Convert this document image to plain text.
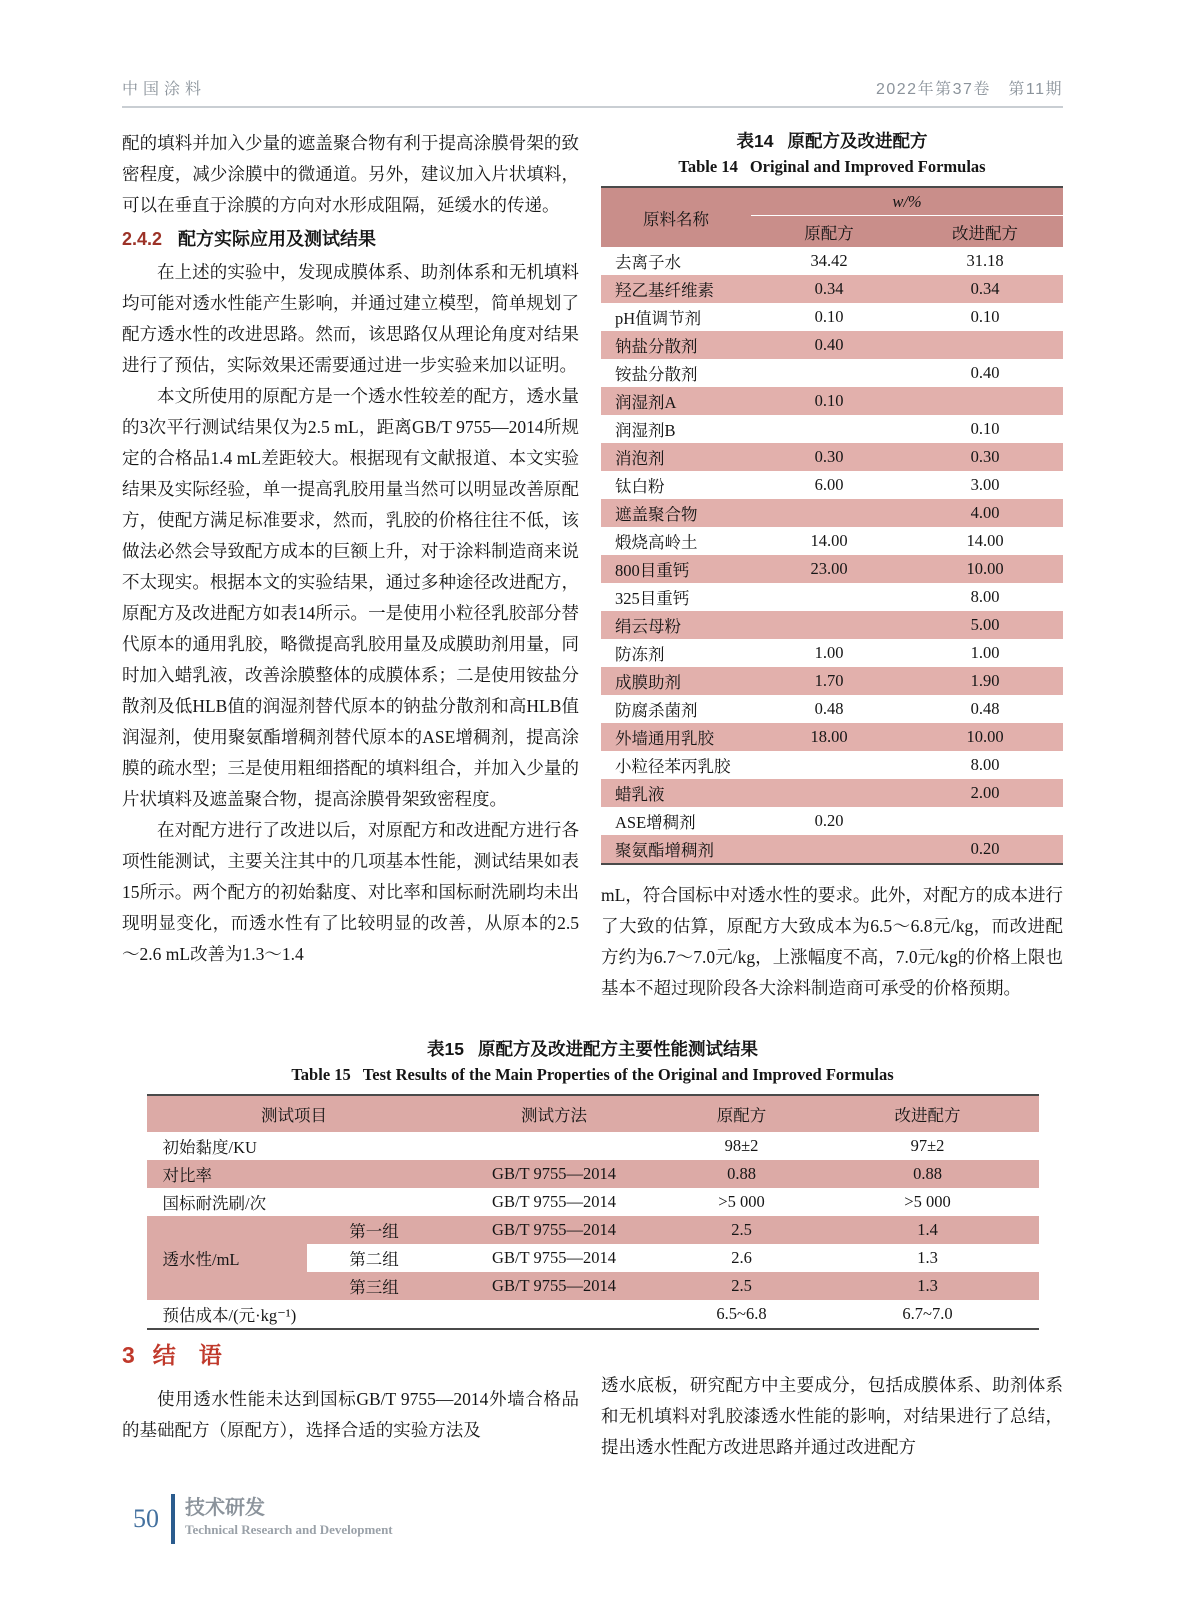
中国涂料	2022年第37卷　第11期

配的填料并加入少量的遮盖聚合物有利于提高涂膜骨架的致密程度，减少涂膜中的微通道。另外，建议加入片状填料，可以在垂直于涂膜的方向对水形成阻隔，延缓水的传递。

2.4.2 配方实际应用及测试结果

在上述的实验中，发现成膜体系、助剂体系和无机填料均可能对透水性能产生影响，并通过建立模型，简单规划了配方透水性的改进思路。然而，该思路仅从理论角度对结果进行了预估，实际效果还需要通过进一步实验来加以证明。

本文所使用的原配方是一个透水性较差的配方，透水量的3次平行测试结果仅为2.5 mL，距离GB/T 9755—2014所规定的合格品1.4 mL差距较大。根据现有文献报道、本文实验结果及实际经验，单一提高乳胶用量当然可以明显改善原配方，使配方满足标准要求，然而，乳胶的价格往往不低，该做法必然会导致配方成本的巨额上升，对于涂料制造商来说不太现实。根据本文的实验结果，通过多种途径改进配方，原配方及改进配方如表14所示。一是使用小粒径乳胶部分替代原本的通用乳胶，略微提高乳胶用量及成膜助剂用量，同时加入蜡乳液，改善涂膜整体的成膜体系；二是使用铵盐分散剂及低HLB值的润湿剂替代原本的钠盐分散剂和高HLB值润湿剂，使用聚氨酯增稠剂替代原本的ASE增稠剂，提高涂膜的疏水型；三是使用粗细搭配的填料组合，并加入少量的片状填料及遮盖聚合物，提高涂膜骨架致密程度。

在对配方进行了改进以后，对原配方和改进配方进行各项性能测试，主要关注其中的几项基本性能，测试结果如表15所示。两个配方的初始黏度、对比率和国标耐洗刷均未出现明显变化，而透水性有了比较明显的改善，从原本的2.5～2.6 mL改善为1.3～1.4

表14 原配方及改进配方
Table 14 Original and Improved Formulas
原料名称	w/%	
	原配方	改进配方
去离子水	34.42	31.18
羟乙基纤维素	0.34	0.34
pH值调节剂	0.10	0.10
钠盐分散剂	0.40	
铵盐分散剂		0.40
润湿剂A	0.10	
润湿剂B		0.10
消泡剂	0.30	0.30
钛白粉	6.00	3.00
遮盖聚合物		4.00
煅烧高岭土	14.00	14.00
800目重钙	23.00	10.00
325目重钙		8.00
绢云母粉		5.00
防冻剂	1.00	1.00
成膜助剂	1.70	1.90
防腐杀菌剂	0.48	0.48
外墙通用乳胶	18.00	10.00
小粒径苯丙乳胶		8.00
蜡乳液		2.00
ASE增稠剂	0.20	
聚氨酯增稠剂		0.20

mL，符合国标中对透水性的要求。此外，对配方的成本进行了大致的估算，原配方大致成本为6.5～6.8元/kg，而改进配方约为6.7～7.0元/kg，上涨幅度不高，7.0元/kg的价格上限也基本不超过现阶段各大涂料制造商可承受的价格预期。

表15 原配方及改进配方主要性能测试结果
Table 15 Test Results of the Main Properties of the Original and Improved Formulas
测试项目		测试方法	原配方	改进配方
初始黏度/KU			98±2	97±2
对比率		GB/T 9755—2014	0.88	0.88
国标耐洗刷/次		GB/T 9755—2014	>5 000	>5 000
透水性/mL	第一组	GB/T 9755—2014	2.5	1.4
	第二组	GB/T 9755—2014	2.6	1.3
	第三组	GB/T 9755—2014	2.5	1.3
预估成本/(元·kg⁻¹)			6.5~6.8	6.7~7.0
3 结　语

使用透水性能未达到国标GB/T 9755—2014外墙合格品的基础配方（原配方），选择合适的实验方法及

透水底板，研究配方中主要成分，包括成膜体系、助剂体系和无机填料对乳胶漆透水性能的影响，对结果进行了总结，提出透水性配方改进思路并通过改进配方

50 技术研发
Technical Research and Development
